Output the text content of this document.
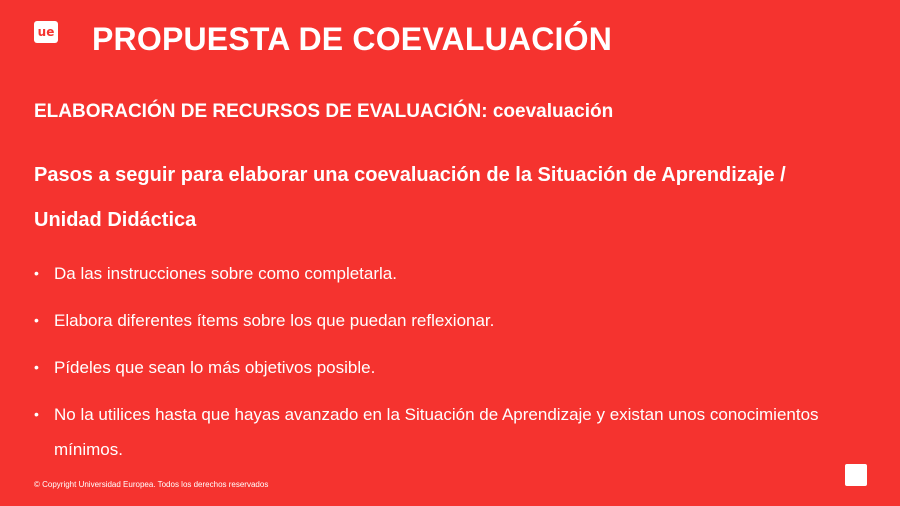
ue PROPUESTA DE COEVALUACIÓN
ELABORACIÓN DE RECURSOS DE EVALUACIÓN: coevaluación
Pasos a seguir para elaborar una coevaluación de la Situación de Aprendizaje / Unidad Didáctica
• Da las instrucciones sobre como completarla.
• Elabora diferentes ítems sobre los que puedan reflexionar.
• Pídeles que sean lo más objetivos posible.
• No la utilices hasta que hayas avanzado en la Situación de Aprendizaje y existan unos conocimientos mínimos.

© Copyright Universidad Europea. Todos los derechos reservados
